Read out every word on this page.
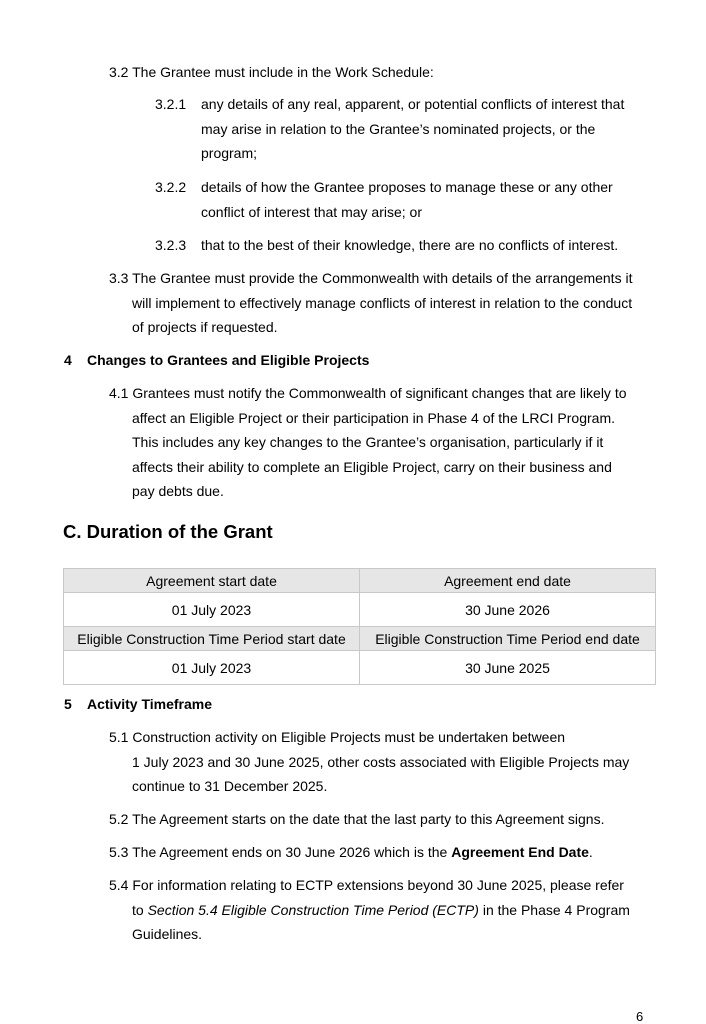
3.2 The Grantee must include in the Work Schedule:
3.2.1	any details of any real, apparent, or potential conflicts of interest that
may arise in relation to the Grantee’s nominated projects, or the
program;
3.2.2	details of how the Grantee proposes to manage these or any other
conflict of interest that may arise; or
3.2.3	that to the best of their knowledge, there are no conflicts of interest.
3.3 The Grantee must provide the Commonwealth with details of the arrangements it
will implement to effectively manage conflicts of interest in relation to the conduct
of projects if requested.
4 Changes to Grantees and Eligible Projects
4.1 Grantees must notify the Commonwealth of significant changes that are likely to
affect an Eligible Project or their participation in Phase 4 of the LRCI Program.
This includes any key changes to the Grantee’s organisation, particularly if it
affects their ability to complete an Eligible Project, carry on their business and
pay debts due.
C. Duration of the Grant
Agreement start date	Agreement end date
01 July 2023	30 June 2026
Eligible Construction Time Period start date	Eligible Construction Time Period end date
01 July 2023	30 June 2025
5 Activity Timeframe
5.1 Construction activity on Eligible Projects must be undertaken between
1 July 2023 and 30 June 2025, other costs associated with Eligible Projects may
continue to 31 December 2025.
5.2 The Agreement starts on the date that the last party to this Agreement signs.
5.3 The Agreement ends on 30 June 2026 which is the Agreement End Date.
5.4 For information relating to ECTP extensions beyond 30 June 2025, please refer
to Section 5.4 Eligible Construction Time Period (ECTP) in the Phase 4 Program
Guidelines.
6
